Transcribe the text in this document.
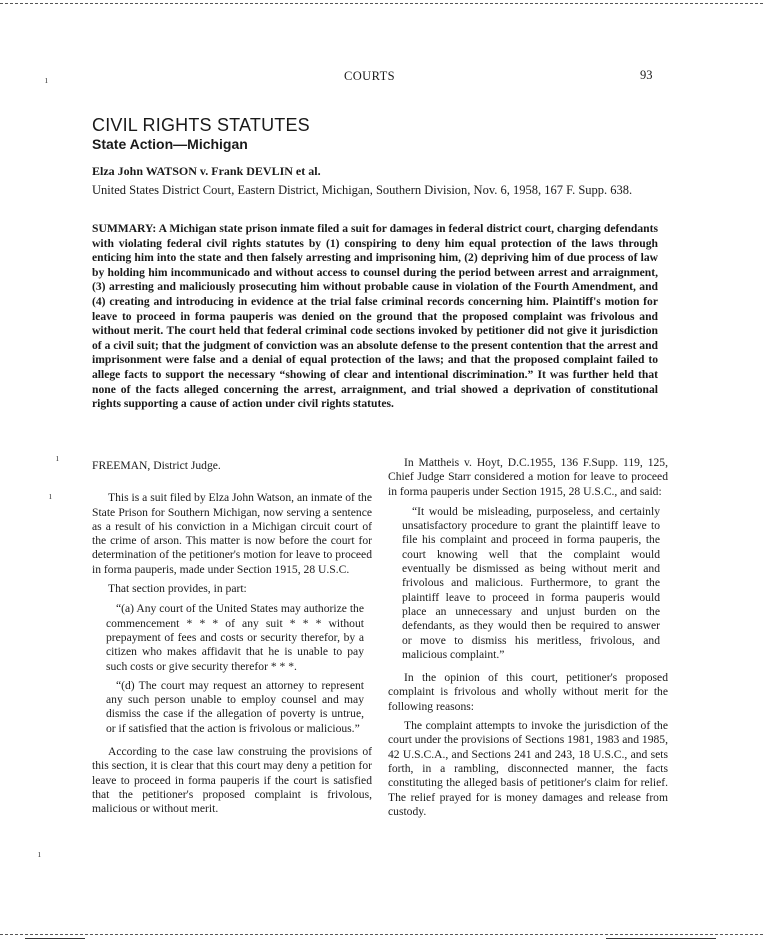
ı
ı
ı
ı
COURTS	93
CIVIL RIGHTS STATUTES
State Action—Michigan
Elza John WATSON v. Frank DEVLIN et al.
United States District Court, Eastern District, Michigan, Southern Division, Nov. 6, 1958, 167 F. Supp. 638.

SUMMARY: A Michigan state prison inmate filed a suit for damages in federal district court, charging defendants with violating federal civil rights statutes by (1) conspiring to deny him equal protection of the laws through enticing him into the state and then falsely arresting and imprisoning him, (2) depriving him of due process of law by holding him incommunicado and without access to counsel during the period between arrest and arraignment, (3) arresting and maliciously prosecuting him without probable cause in violation of the Fourth Amendment, and (4) creating and introducing in evidence at the trial false criminal records concerning him. Plaintiff's motion for leave to proceed in forma pauperis was denied on the ground that the proposed complaint was frivolous and without merit. The court held that federal criminal code sections invoked by petitioner did not give it jurisdiction of a civil suit; that the judgment of conviction was an absolute defense to the present contention that the arrest and imprisonment were false and a denial of equal protection of the laws; and that the proposed complaint failed to allege facts to support the necessary “showing of clear and intentional discrimination.” It was further held that none of the facts alleged concerning the arrest, arraignment, and trial showed a deprivation of constitutional rights supporting a cause of action under civil rights statutes.

FREEMAN, District Judge.

This is a suit filed by Elza John Watson, an inmate of the State Prison for Southern Michigan, now serving a sentence as a result of his conviction in a Michigan circuit court of the crime of arson. This matter is now before the court for determination of the petitioner's motion for leave to proceed in forma pauperis, made under Section 1915, 28 U.S.C.

That section provides, in part:

“(a) Any court of the United States may authorize the commencement * * * of any suit * * * without prepayment of fees and costs or security therefor, by a citizen who makes affidavit that he is unable to pay such costs or give security therefor * * *.

“(d) The court may request an attorney to represent any such person unable to employ counsel and may dismiss the case if the allegation of poverty is untrue, or if satisfied that the action is frivolous or malicious.”

According to the case law construing the provisions of this section, it is clear that this court may deny a petition for leave to proceed in forma pauperis if the court is satisfied that the petitioner's proposed complaint is frivolous, malicious or without merit.

In Mattheis v. Hoyt, D.C.1955, 136 F.Supp. 119, 125, Chief Judge Starr considered a motion for leave to proceed in forma pauperis under Section 1915, 28 U.S.C., and said:

“It would be misleading, purposeless, and certainly unsatisfactory procedure to grant the plaintiff leave to file his complaint and proceed in forma pauperis, the court knowing well that the complaint would eventually be dismissed as being without merit and frivolous and malicious. Furthermore, to grant the plaintiff leave to proceed in forma pauperis would place an unnecessary and unjust burden on the defendants, as they would then be required to answer or move to dismiss his meritless, frivolous, and malicious complaint.”

In the opinion of this court, petitioner's proposed complaint is frivolous and wholly without merit for the following reasons:

The complaint attempts to invoke the jurisdiction of the court under the provisions of Sections 1981, 1983 and 1985, 42 U.S.C.A., and Sections 241 and 243, 18 U.S.C., and sets forth, in a rambling, disconnected manner, the facts constituting the alleged basis of petitioner's claim for relief. The relief prayed for is money damages and release from custody.
